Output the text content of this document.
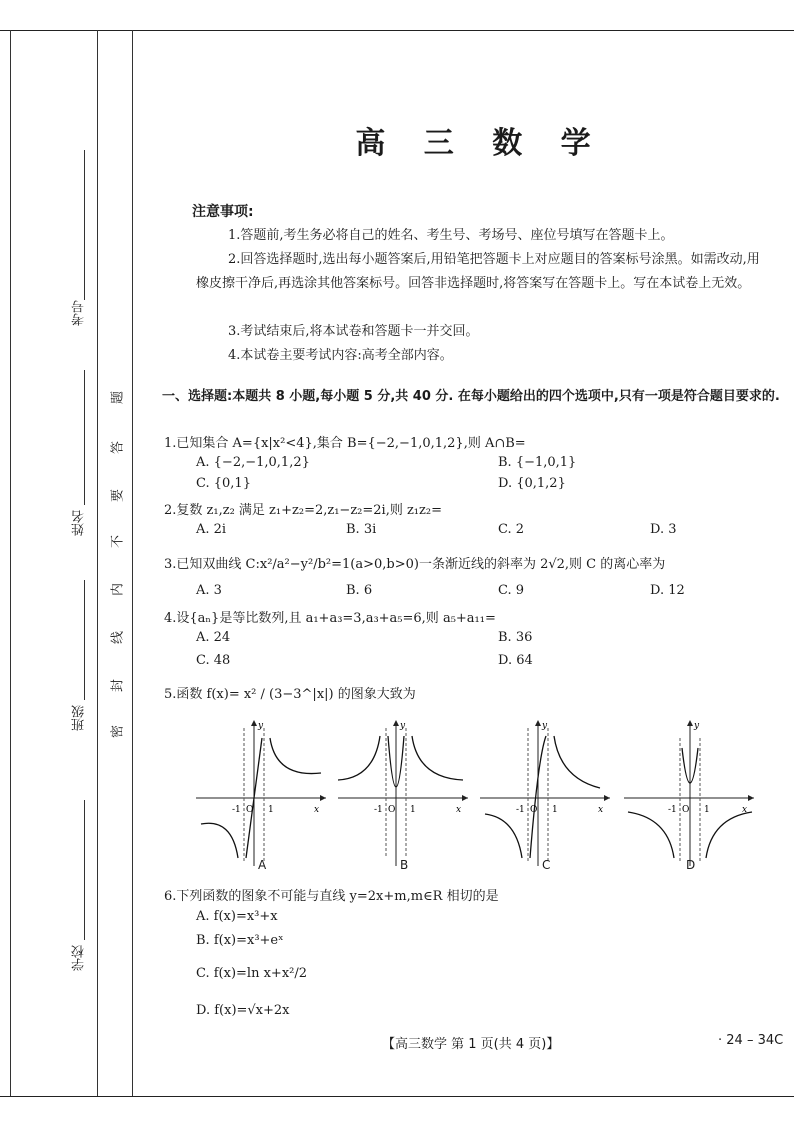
考号
姓名
班级
学校
题
答
要
不
内
线
封
密
高 三 数 学
注意事项:
1.答题前,考生务必将自己的姓名、考生号、考场号、座位号填写在答题卡上。
2.回答选择题时,选出每小题答案后,用铅笔把答题卡上对应题目的答案标号涂黑。如需改动,用橡皮擦干净后,再选涂其他答案标号。回答非选择题时,将答案写在答题卡上。写在本试卷上无效。
3.考试结束后,将本试卷和答题卡一并交回。
4.本试卷主要考试内容:高考全部内容。
一、选择题:本题共 8 小题,每小题 5 分,共 40 分. 在每小题给出的四个选项中,只有一项是符合题目要求的.
1.已知集合 A={x|x²<4},集合 B={−2,−1,0,1,2},则 A∩B=
A. {−2,−1,0,1,2}	B. {−1,0,1}
C. {0,1}	D. {0,1,2}
2.复数 z₁,z₂ 满足 z₁+z₂=2,z₁−z₂=2i,则 z₁z₂=
A. 2i	B. 3i	C. 2	D. 3
3.已知双曲线 C:x²/a²−y²/b²=1(a>0,b>0)一条渐近线的斜率为 2√2,则 C 的离心率为
A. 3	B. 6	C. 9	D. 12
4.设{aₙ}是等比数列,且 a₁+a₃=3,a₃+a₅=6,则 a₅+a₁₁=
A. 24	B. 36
C. 48	D. 64
5.函数 f(x)= x² / (3−3^|x|) 的图象大致为
-1 O 1	x
y
A
-1 O 1	x
y
B
-1 O 1	x
y
C
-1 O 1	x
y
D
6.下列函数的图象不可能与直线 y=2x+m,m∈R 相切的是
A. f(x)=x³+x
B. f(x)=x³+eˣ
C. f(x)=ln x+x²/2
D. f(x)=√x+2x
【高三数学 第 1 页(共 4 页)】	· 24 – 34C
